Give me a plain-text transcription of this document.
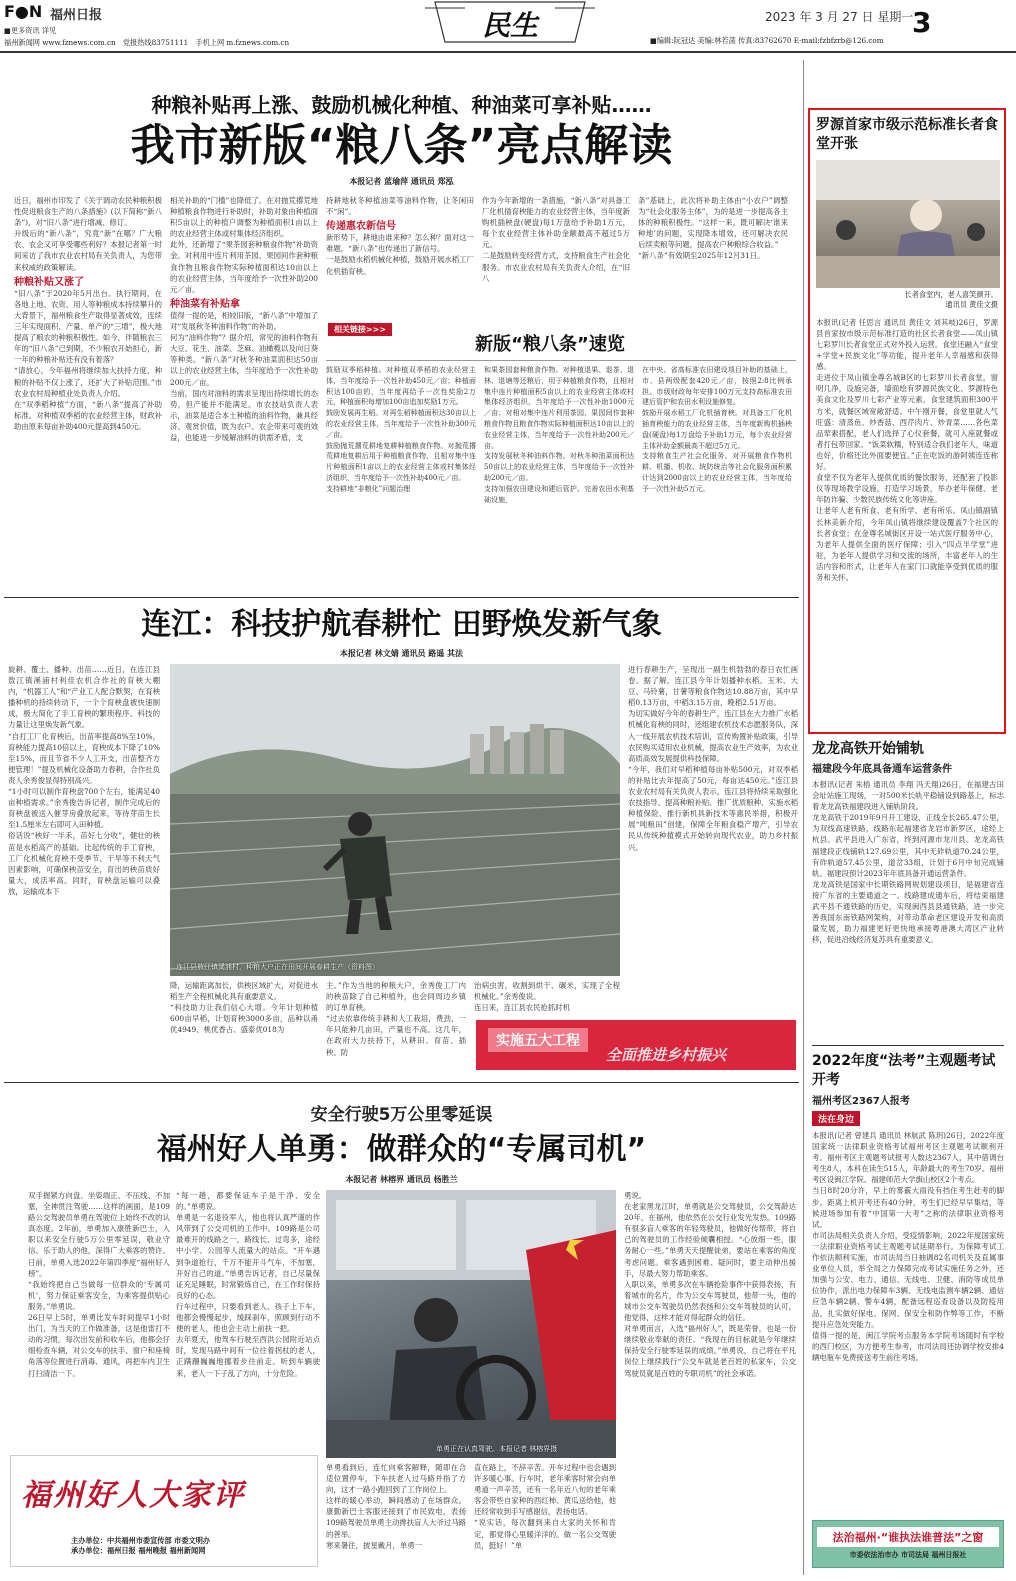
F●N 福州日报
■更多资讯 详见
福州新闻网 www.fznews.com.cn　党报热线83751111　手机上网 m.fznews.com.cn
民生	2023 年 3 月 27 日 星期一
3
■编辑:阮冠达 美编:林若菡 传真:83762670 E-mail:fzbfzrb@126.com
种粮补贴再上涨、鼓励机械化种植、种油菜可享补贴……
我市新版“粮八条”亮点解读
本报记者 蓝瑜萍 通讯员 郑泓
近日，福州市印发了《关于调动农民种粮积极性促进粮食生产的八条措施》(以下简称“新八条”)，对“旧八条”进行增减、修订。
升级后的“新八条”，究竟“新”在哪？广大粮农、农企又可享受哪些利好？本报记者第一时间采访了我市农业农村局有关负责人，为您带来权威的政策解读。
种粮补贴又涨了
“旧八条”于2020年5月出台。执行期间，在各地上地、农资、用人等种粮成本持续攀升的大背景下，福州粮食生产取得显著成效，连续三年实现面积、产量、单产的“三增”，极大地提高了粮农的种粮积极性。如今，伴随粮农三年的“旧八条”已到期，不少粮农开始担心，新一年的种粮补贴还有没有着落？
“请放心，今年福州将继续加大扶持力度，种粮的补贴不仅上涨了，还扩大了补贴范围。”市农业农村局种植业处负责人介绍。
在“双季稻种植”方面，“新八条”提高了补助标准。对种植双季稻的农业经营主体，财政补助由原来每亩补助400元提高到450元。
相关补助的“门槛”也降低了。在对抛荒撂荒地种植粮食作物进行补助时，补助对象由种植面积5亩以上的种植户调整为种植面积1亩以上的农业经营主体或村集体经济组织。
此外，还新增了“果茶园套种粮食作物”补助资金。对利用中连片利用茶园、果园间作套种粮食作物且粮食作物实际种植面积达10亩以上的农业经营主体，当年度给予一次性补助200元／亩。
种油菜有补贴拿
值得一提的是，相较旧版，“新八条”中增加了对“发展秋冬种油料作物”的补助。
何为“油料作物”？据介绍，常见的油料作物有大豆、花生、油菜、芝麻、油橄榄以及向日葵等种类。“新八条”对秋冬种油菜面积达50亩以上的农业经营主体，当年度给予一次性补助200元／亩。
当前，国内对油料的需求呈现出持续增长的态势，但产能并不能满足。市农技站负责人表示，油菜是适合本土种植的油料作物，兼具经济、观赏价值，既为农户、农企带来可观的效益，也能进一步缓解油料的供需矛盾，支
持耕地秋冬种植油菜等油料作物，让冬闲田不“闲”。
传递惠农新信号
新形势下，耕地由谁来种？怎么种？面对这一难题，“新八条”也传递出了新信号。
一是鼓励水稻机械化种植，鼓励开展水稻工厂化机插育秧。
作为今年新增的一条措施，“新八条”对具备工厂化机插育秧能力的农业经营主体，当年度新购机插秧盘(硬盘)每1万盘给予补助1万元，每个农业经营主体补助金额最高不超过5万元。
二是鼓励转变经营方式，支持粮食生产社会化服务。市农业农村局有关负责人介绍，在“旧八
条”基础上，此次将补助主体由“小农户”调整为“社会化服务主体”，为的是进一步提高各主体的种粮积极性。“这样一来，既可解决‘谁来种地’的问题，实现降本增效，还可解决农民后续卖粮等问题，提高农户种粮综合收益。”
“新八条”有效期至2025年12月31日。
相关链接>>>
新版“粮八条”速览
鼓励双季稻种植。对种植双季稻的农业经营主体，当年度给予一次性补助450元／亩；种植面积达100亩的，当年度再给予一次性奖励2万元，种植面积每增加100亩追加奖励1万元。
鼓励发展再生稻。对再生稻种植面积达30亩以上的农业经营主体，当年度给予一次性补助300元／亩。
鼓励抛荒撂荒耕地复耕种植粮食作物。对抛荒撂荒耕地复耕后用于种植粮食作物，且相对集中连片种植面积1亩以上的农业经营主体或村集体经济组织，当年度给予一次性补助400元／亩。
支持耕地“非粮化”问题治理
和果茶园套种粮食作物。对种植退果、退茶、退林、退塘等还粮后，用于种植粮食作物，且相对集中连片种植面积5亩以上的农业经营主体或村集体经济组织，当年度给予一次性补助1000元／亩；对相对集中连片利用茶园、果园间作套种粮食作物且粮食作物实际种植面积达10亩以上的农业经营主体，当年度给予一次性补助200元／亩。
支持发展秋冬种油料作物。对秋冬种油菜面积达50亩以上的农业经营主体，当年度给予一次性补助200元／亩。
支持加强农田建设和建后管护。完善农田水利基础设施，
在中央、省高标准农田建设项目补助的基础上，市、县两级配套420元／亩，按照2:8比例承担。市级财政每年安排100万元支持高标准农田建后管护和农田水利设施修复。
鼓励开展水稻工厂化机插育秧。对具备工厂化机插育秧能力的农业经营主体，当年度新购机插秧盘(硬盘)每1万盘给予补助1万元，每个农业经营主体补助金额最高不超过5万元。
支持粮食生产社会化服务。对开展粮食作物机耕、机播、机收、统防统治等社会化服务面积累计达到2000亩以上的农业经营主体，当年度给予一次性补助5万元。
连江：科技护航春耕忙 田野焕发新气象
本报记者 林文婧 通讯员 路遥 其法
旋耕、覆土、播种、出苗……近日，在连江县敖江镇溪浦村利佳农机合作社的育秧大棚内，“机器工人”和“产业工人配合默契，在育秧播种机的持续转动下，一个个育秧盘被快速制成，极大简化了手工育秧的繁琐程序。科技的力量让这里焕发新气象。
“自打工厂化育秧后，出苗率提高8%至10%，育秧能力提高10倍以上，育秧成本下降了10%至15%，而且节省不少人工开支，出苗整齐方便管理！”提及机械化设备助力春耕，合作社负责人余秀俊显得特别高兴。
“1小时可以制作育秧盘700个左右，能满足40亩种植需求。”余秀俊告诉记者，制作完成后的育秧盘被送入催芽房叠放起来，等待芽苗生长至1.5厘米左右即可入田种植。
俗话说“秧好一半禾，苗好七分收”，健壮的秧苗是水稻高产的基础。比起传统的手工育秧，工厂化机械化育秧不受季节、干旱等不利天气因素影响，可确保秧苗安全，育出的秧苗质好量大，成活率高。同时，育秧盘运输可以叠放，运输成本下
连江县敖江镇溪浦村，种粮大户正在田间开展春耕生产（资料图）
降，运输距离加长，供秧区域扩大，对促进水稻生产全程机械化具有重要意义。
“科技助力让我们信心大增。今年计划种植600亩早稻，计划育秧3000多亩，品种以甬优4949、桃优香占、盛泰优018为
主。”作为当地的种粮大户，余秀俊工厂内的秧苗除了自己种植外，也会同周边乡镇的订单育秧。
“过去依靠传统手耕和人工栽培，费劲，一年只能种几亩田，产量也不高。这几年，在政府大力扶持下，从耕田、育苗、插秧、防
治病虫害，收割到烘干、碾米，实现了全程机械化。”余秀俊说。
连日来，连江县农民抢抓时机
进行春耕生产，呈现出一副生机勃勃的春日农忙画卷。据了解，连江县今年计划播种水稻、玉米、大豆、马铃薯，甘薯等粮食作物达10.88万亩，其中早稻0.13万亩，中稻3.15万亩，晚稻2.51万亩。
为切实做好今年的春耕生产，连江县在大力推广水稻机械化育秧的同时，还组建农机技术志愿服务队，深入一线开展农机技术培训，宣传购置补贴政策，引导农民购买适用农业机械，提高农业生产效率，为农业高质高效发展提供科技保障。
“今年，我们对早稻种植每亩补贴500元，对双季稻的补贴比去年提高了50元，每亩达450元。”连江县农业农村局有关负责人表示，连江县将持续采取强化农技指导、提高种粮补贴、推广优质粮种、实施水稻种植保险、推行新机具新技术等惠民举措，积极开展“吨粮田”创建，保障全年粮食稳产增产，引导农民从传统种植模式开始转向现代农业，助力乡村振兴。
实施五大工程
全面推进乡村振兴
安全行驶5万公里零延误
福州好人单勇：做群众的“专属司机”
本报记者 林榕界 通讯员 杨胜兰
双手握紧方向盘、坐姿端正、不压线、不加塞，全神贯注驾驶……这样的画面，是109路公交驾驶员单勇在驾驶位上始终不改的认真态度。2年前，单勇加入康胜新巴士，入职以来安全行驶5万公里零延误，敬业守信、乐于助人的他，深得广大乘客的赞许。日前，单勇入选2022年第四季度“福州好人榜”。
“我始终把自己当做每一位群众的‘专属司机’，努力保证乘客安全，为乘客提供贴心服务。”单勇说。
26日早上5时，单勇比发车时间提早1小时出门，为当天的工作做准备，这是他雷打不动的习惯。每次出发前和收车后，他都会仔细检查车辆，对公交车的扶手、窗户和座椅角落等位置进行消毒、通风，再把车内卫生打扫清洁一下。
“每一趟，都要保证车子是干净、安全的。”单勇说。
单勇是一名退役军人，他也将认真严谨的作风带到了公交司机的工作中。109路是公司最难开的线路之一，路线长、过弯多，途经中小学、公园等人流量大的站点。“开车遇到争道抢行，千万不能开斗气车，不加塞，开好自己的道。”单勇告诉记者，自己尽量保证充足睡眠，时常锻炼自己，在工作时保持良好的心态。
行车过程中，只要看到老人、孩子上下车，他都会慢慢起步，缓踩刹车，照顾到行动不便的老人，他也会主动上前扶一把。
去年夏天，他驾车行驶至西洪公园附近站点时，发现马路中间有一位往着拐杖的老人，正蹒跚巍巍地挪着步往前走。听到车辆驶来，老人一下子乱了方向，十分危险。
单勇正在认真驾驶。本报记者 林榕界摄
单勇看到后，连忙向乘客解释，随即在合适位置停车，下车扶老人过马路并指了方向，这才一路小跑回到了工作岗位上。
这样的暖心举动，瞬间感动了在场群众。康勤新巴士客服还接到了市民致电，表扬109路驾驶员单勇主动搀扶盲人大爷过马路的善举。
寒来暑往，披星戴月，单勇一
直在路上，不辞辛苦。开车过程中也会遇到许多暖心事。行车时，老年乘客时常会向单勇道一声辛苦，还有一名年近八旬的老年乘客会带些自家种的西红柿、黄瓜送给他，他还经常收到手写感谢信，表扬电话。
“说实话，每次翻到来自大家的关怀和肯定，都觉得心里暖洋洋的。做一名公交驾驶员，挺好！”单
勇说。
在老家黑龙江时，单勇就是公交驾驶员，公交驾龄达20年，在福州，他依然在公交行业发光发热。109路有很多盲人乘客的年轻驾驶员，他做好传帮带，将自己的驾驶员的工作经验倾囊相授。“心放细一些，服务耐心一些。”单勇天天提醒徒弟，要站在乘客的角度考虑问题。乘客遇到困难、疑问时，要主动伸出援手，尽最大努力帮助乘客。
入职以来，单勇多次在车辆抢险事件中获得表扬，有着城市的名片，作为公交车驾驶员，他带一头，他的城市公交车驾驶员仍然表扬和公交车驾驶员的认可，他觉得，这样才能对得起群众的信任。
对单勇而言，入选“福州好人”，既是荣誉，也是一份继续敬业奉献的责任。“我现在的目标就是今年继续保持安全行驶零延误的成绩。”单勇说，自己将在平凡岗位上继续践行“公交车就是老百姓的私家车，公交驾驶员就是百姓的专职司机”的社会承诺。
福州好人大家评
主办单位：中共福州市委宣传部 市委文明办
承办单位：福州日报 福州晚报 福州新闻网
罗源首家市级示范标准长者食堂开张
长者食堂内，老人喜笑颜开。
通讯员 黄佳文摄
本报讯(记者 任思言 通讯员 黄佳文 刘其岐)26日，罗源县首家按市级示范标准打造的社区长者食堂——凤山镇七彩罗川长者食堂正式对外投入运营。食堂还融入“食堂+学堂+民族文化”等功能，提升老年人幸福感和获得感。
走进位于凤山镇金尊名城B区的七彩罗川长者食堂，窗明几净，设施完备，墙面绘有罗源民族文化、罗源特色美食文化及罗川七彩产业等元素，食堂建筑面积300平方米，就餐区域宽敞舒适。中午刚开餐，食堂里就人气旺盛：清蒸鱼、炒香菇、西芹肉片、炒青菜……各色菜品荤素搭配，老人们选择了心仪套餐，就可入座就餐或者打包带回家。“饭菜软糯，特别适合我们老年人，味道也好，价格还比外面要便宜。”正在吃饭的游阿姨连连称好。
食堂不仅为老年人提供优质的餐饮服务，还配套了投影仪等现场教学设施，打造学习场景，举办老年保健、老年防诈骗、少数民族传统文化等讲座。
让老年人老有所食、老有所学、老有所乐。凤山镇副镇长林美新介绍，今年凤山镇将继续建设覆盖7个社区的长者食堂；在金尊名城街区开设一站式医疗服务中心，为老年人提供全面的医疗保障；引入“四点半学堂”进驻，为老年人提供学习和交流的场所，丰富老年人的生活内容和形式，让老年人在家门口就能享受到优质的服务和关怀。
龙龙高铁开始铺轨
福建段今年底具备通车运营条件
本报讯(记者 朱榕 通讯员 李翔 冯天翔)26日，在福建古田会址站施工现场，一对500米长轨平稳铺设到路基上，标志着龙龙高铁福建段进入铺轨阶段。
龙龙高铁于2019年9月开工建设，正线全长265.47公里，为双线高速铁路，线路东起福建省龙岩市新罗区，途经上杭县、武平县进入广东省，终到河源市龙川县。龙龙高铁福建段正线铺轨127.69公里，其中无砟轨道70.24公里，有砟轨道57.45公里，道岔33组，计划于6月中旬完成铺轨。福建段预计2023年年底具备开通运营条件。
龙龙高铁是国家中长期铁路网规划建设项目，是福建省连接广东省的主要通道之一。线路建成通车后，将结束福建武平县不通铁路的历史，实现闽西县县通铁路，进一步完善我国东南铁路网架构，对带动革命老区建设开发和高质量发展，助力福建更好更快地承接粤港澳大湾区产业转移，促进沿线经济复苏具有重要意义。
2022年度“法考”主观题考试开考
福州考区2367人报考
法在身边
本报讯(记者 曾建兵 通讯员 林航武 陈玥)26日，2022年度国家统一法律职业资格考试福州考区主观题考试顺利开考。福州考区主观题考试报考人数达2367人，其中借调台考生8人，本科在读生515人，年龄最大的考生70岁。福州考区设闽江学院、福建师范大学旗山校区2个考点。
当日8时20分许，早上的雾霰大雨没有挡住考生赶考的脚步。距离上机开考还有40分钟，考生们已经早早集结，等候进场参加有着“中国第一大考”之称的法律职业资格考试。
市司法局相关负责人介绍，受疫情影响，2022年度国家统一法律职业资格考试主观题考试延期举行。为保障考试工作依法顺利实施，市司法局当日抽调82名司机关及直属事业单位人员，举全局之力保障完成考试实施任务之外，还加强与公安、电力、通信、无线电、卫健、消防等成员单位协作，派出电力保障车3辆、无线电监测车辆2辆、通信应急车辆2辆、警车4辆，配备远程巡查设备以及防疫用品，扎实做好保电、保网、保安全和防作弊等工作，不断提升应急处突能力。
值得一提的是，闽江学院考点服务本学院考场随时有学校的西门校区，为方便考生参考，市司法局还协调学校安排4辆电瓶车免费接送考生前往考场。
法治福州·“谁执法谁普法”之窗
市委依法治市办 市司法局 福州日报社
